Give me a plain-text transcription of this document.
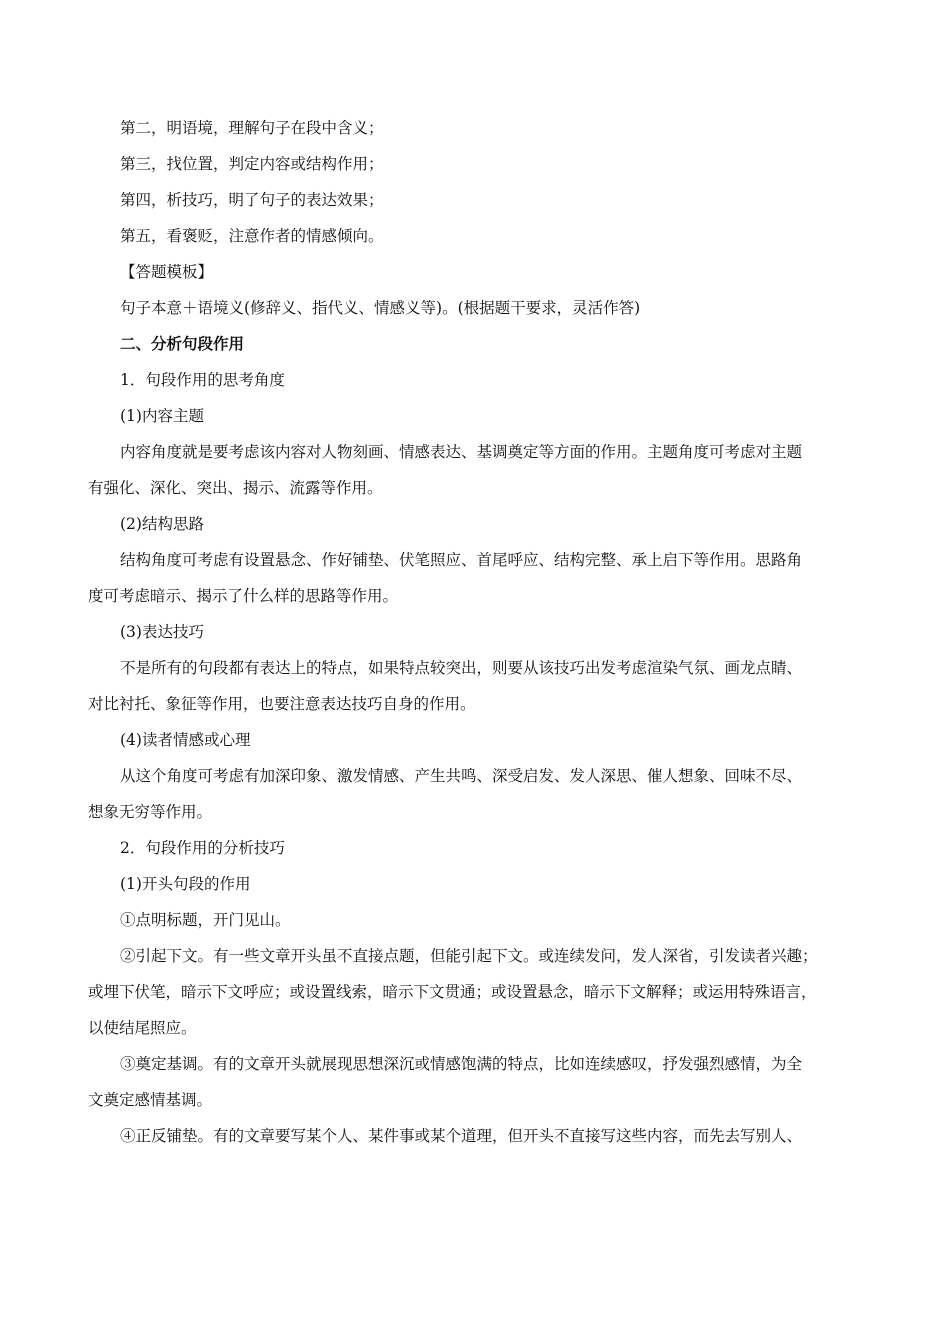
第二，明语境，理解句子在段中含义；

第三，找位置，判定内容或结构作用；

第四，析技巧，明了句子的表达效果；

第五，看褒贬，注意作者的情感倾向。

【答题模板】

句子本意＋语境义(修辞义、指代义、情感义等)。(根据题干要求，灵活作答)

二、分析句段作用

1．句段作用的思考角度

(1)内容主题

内容角度就是要考虑该内容对人物刻画、情感表达、基调奠定等方面的作用。主题角度可考虑对主题

有强化、深化、突出、揭示、流露等作用。

(2)结构思路

结构角度可考虑有设置悬念、作好铺垫、伏笔照应、首尾呼应、结构完整、承上启下等作用。思路角

度可考虑暗示、揭示了什么样的思路等作用。

(3)表达技巧

不是所有的句段都有表达上的特点，如果特点较突出，则要从该技巧出发考虑渲染气氛、画龙点睛、

对比衬托、象征等作用，也要注意表达技巧自身的作用。

(4)读者情感或心理

从这个角度可考虑有加深印象、激发情感、产生共鸣、深受启发、发人深思、催人想象、回味不尽、

想象无穷等作用。

2．句段作用的分析技巧

(1)开头句段的作用

①点明标题，开门见山。

②引起下文。有一些文章开头虽不直接点题，但能引起下文。或连续发问，发人深省，引发读者兴趣；

或埋下伏笔，暗示下文呼应；或设置线索，暗示下文贯通；或设置悬念，暗示下文解释；或运用特殊语言，

以使结尾照应。

③奠定基调。有的文章开头就展现思想深沉或情感饱满的特点，比如连续感叹，抒发强烈感情，为全

文奠定感情基调。

④正反铺垫。有的文章要写某个人、某件事或某个道理，但开头不直接写这些内容，而先去写别人、
